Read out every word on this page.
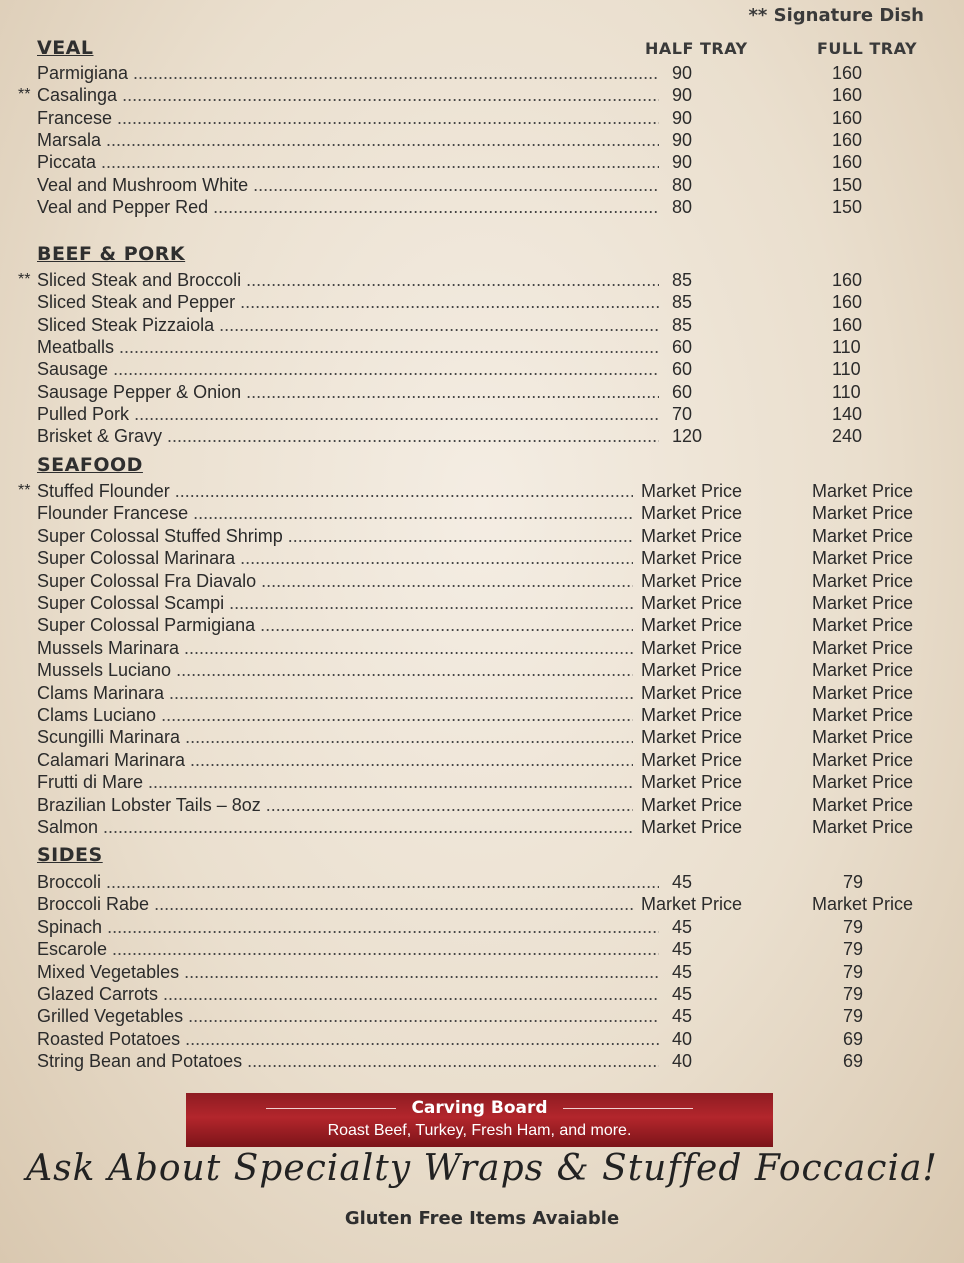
** Signature Dish
HALF TRAY	FULL TRAY
VEAL
Parmigiana .....	90	160
** Casalinga .....	90	160
Francese .....	90	160
Marsala .....	90	160
Piccata .....	90	160
Veal and Mushroom White .....	80	150
Veal and Pepper Red .....	80	150
BEEF & PORK
** Sliced Steak and Broccoli .....	85	160
Sliced Steak and Pepper .....	85	160
Sliced Steak Pizzaiola .....	85	160
Meatballs .....	60	110
Sausage .....	60	110
Sausage Pepper & Onion .....	60	110
Pulled Pork .....	70	140
Brisket & Gravy .....	120	240
SEAFOOD
** Stuffed Flounder .....	Market Price	Market Price
Flounder Francese .....	Market Price	Market Price
Super Colossal Stuffed Shrimp .....	Market Price	Market Price
Super Colossal Marinara .....	Market Price	Market Price
Super Colossal Fra Diavalo .....	Market Price	Market Price
Super Colossal Scampi .....	Market Price	Market Price
Super Colossal Parmigiana .....	Market Price	Market Price
Mussels Marinara .....	Market Price	Market Price
Mussels Luciano .....	Market Price	Market Price
Clams Marinara .....	Market Price	Market Price
Clams Luciano .....	Market Price	Market Price
Scungilli Marinara .....	Market Price	Market Price
Calamari Marinara .....	Market Price	Market Price
Frutti di Mare .....	Market Price	Market Price
Brazilian Lobster Tails – 8oz .....	Market Price	Market Price
Salmon .....	Market Price	Market Price
SIDES
Broccoli .....	45	79
Broccoli Rabe .....	Market Price	Market Price
Spinach .....	45	79
Escarole .....	45	79
Mixed Vegetables .....	45	79
Glazed Carrots .....	45	79
Grilled Vegetables .....	45	79
Roasted Potatoes .....	40	69
String Bean and Potatoes .....	40	69
Carving Board
Roast Beef, Turkey, Fresh Ham, and more.
Ask About Specialty Wraps & Stuffed Foccacia!
Gluten Free Items Avaiable
